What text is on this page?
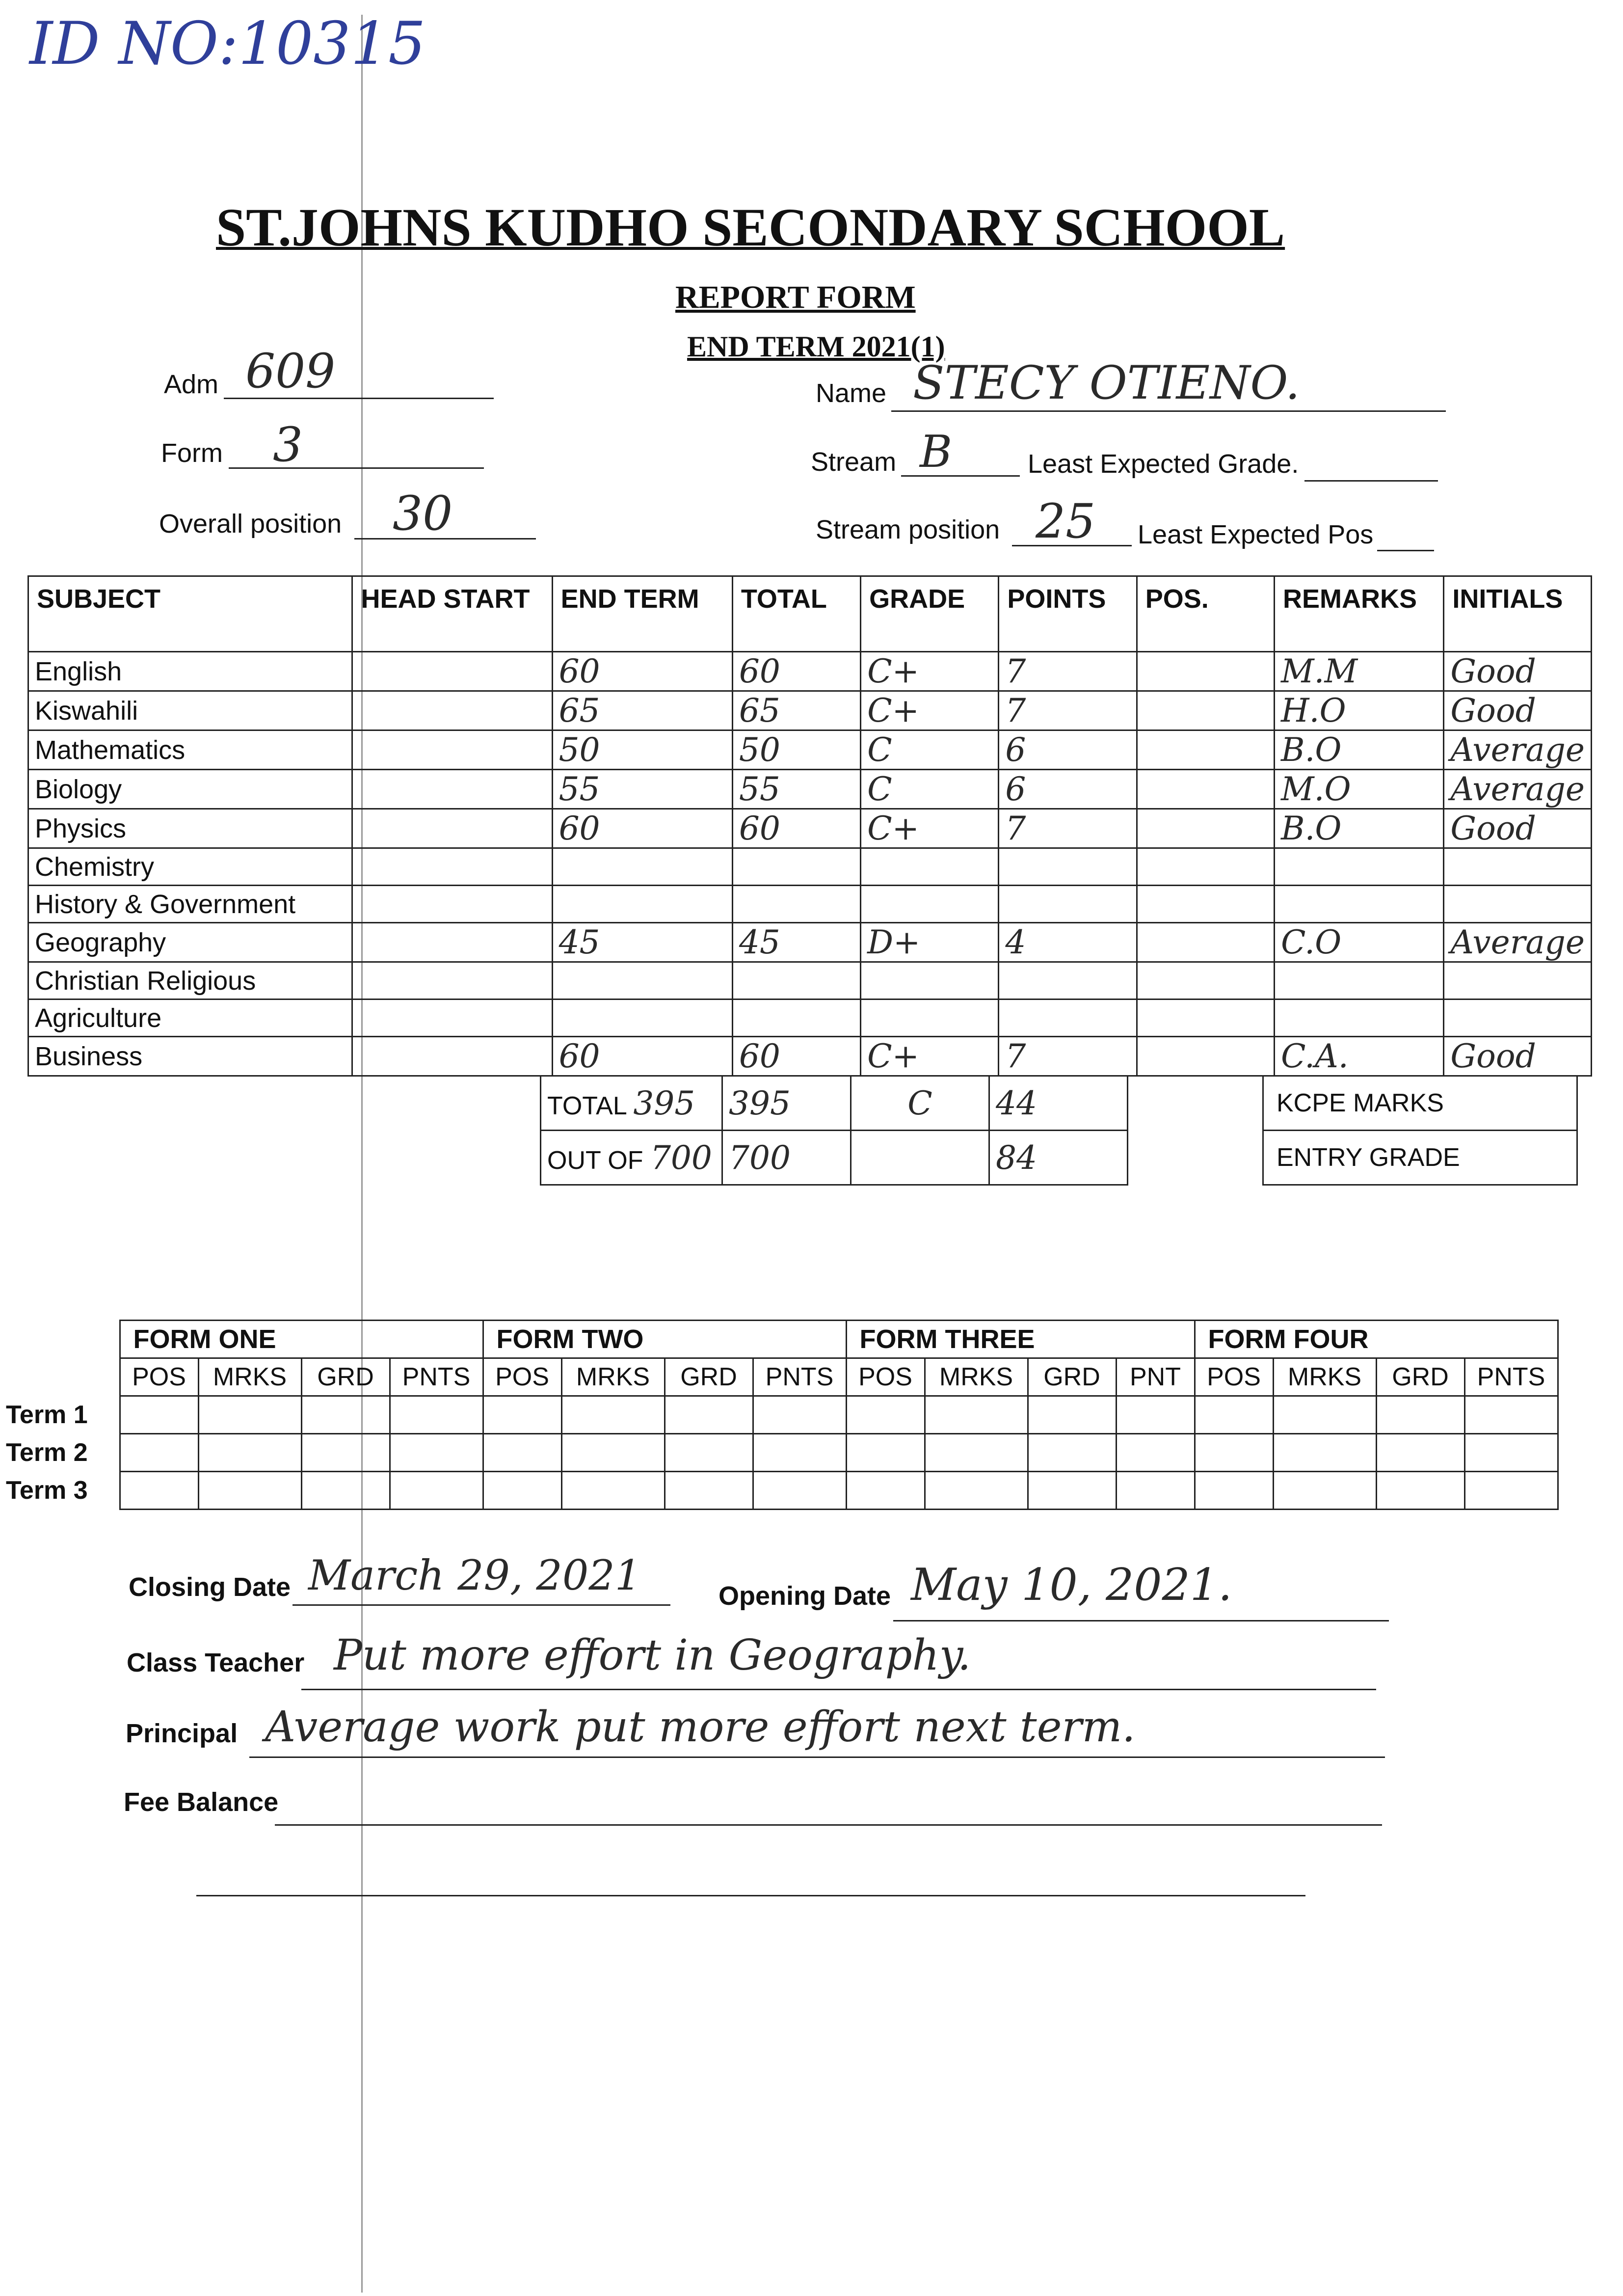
ID NO:10315
ST.JOHNS KUDHO SECONDARY SCHOOL
REPORT FORM
END TERM 2021(1)
Adm 609
Form 3
Overall position 30
Name STECY OTIENO.
Stream B	Least Expected Grade.
Stream position 25 Least Expected Pos
SUBJECT	HEAD START	END TERM	TOTAL	GRADE	POINTS	POS.	REMARKS	INITIALS
English		60	60	C+	7		M.M	Good
Kiswahili		65	65	C+	7		H.O	Good
Mathematics		50	50	C	6		B.O	Average
Biology		55	55	C	6		M.O	Average
Physics		60	60	C+	7		B.O	Good
Chemistry								
History & Government								
Geography		45	45	D+	4		C.O	Average
Christian Religious								
Agriculture								
Business		60	60	C+	7		C.A.	Good
TOTAL 395	395	C	44
OUT OF 700	700		84
KCPE MARKS
ENTRY GRADE
	FORM ONE				FORM TWO				FORM THREE				FORM FOUR			
	POS	MRKS	GRD	PNTS	POS	MRKS	GRD	PNTS	POS	MRKS	GRD	PNT	POS	MRKS	GRD	PNTS
Term 1																
Term 2																
Term 3																
Closing Date March 29, 2021	Opening Date May 10, 2021.
Class Teacher Put more effort in Geography.
Principal Average work put more effort next term.
Fee Balance
